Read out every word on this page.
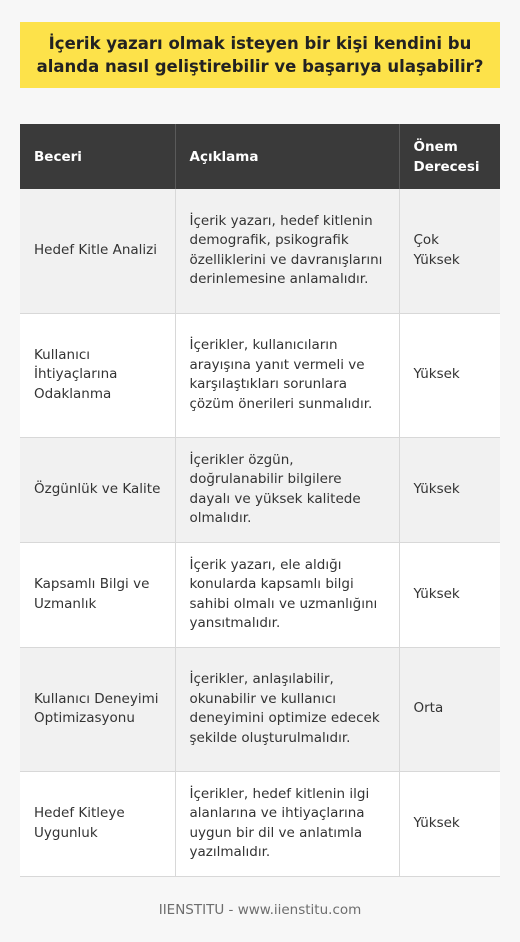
İçerik yazarı olmak isteyen bir kişi kendini bu alanda nasıl geliştirebilir ve başarıya ulaşabilir?
Beceri	Açıklama	Önem Derecesi
Hedef Kitle Analizi	İçerik yazarı, hedef kitlenin demografik, psikografik özelliklerini ve davranışlarını derinlemesine anlamalıdır.	Çok Yüksek
Kullanıcı İhtiyaçlarına Odaklanma	İçerikler, kullanıcıların arayışına yanıt vermeli ve karşılaştıkları sorunlara çözüm önerileri sunmalıdır.	Yüksek
Özgünlük ve Kalite	İçerikler özgün, doğrulanabilir bilgilere dayalı ve yüksek kalitede olmalıdır.	Yüksek
Kapsamlı Bilgi ve Uzmanlık	İçerik yazarı, ele aldığı konularda kapsamlı bilgi sahibi olmalı ve uzmanlığını yansıtmalıdır.	Yüksek
Kullanıcı Deneyimi Optimizasyonu	İçerikler, anlaşılabilir, okunabilir ve kullanıcı deneyimini optimize edecek şekilde oluşturulmalıdır.	Orta
Hedef Kitleye Uygunluk	İçerikler, hedef kitlenin ilgi alanlarına ve ihtiyaçlarına uygun bir dil ve anlatımla yazılmalıdır.	Yüksek
IIENSTITU - www.iienstitu.com
